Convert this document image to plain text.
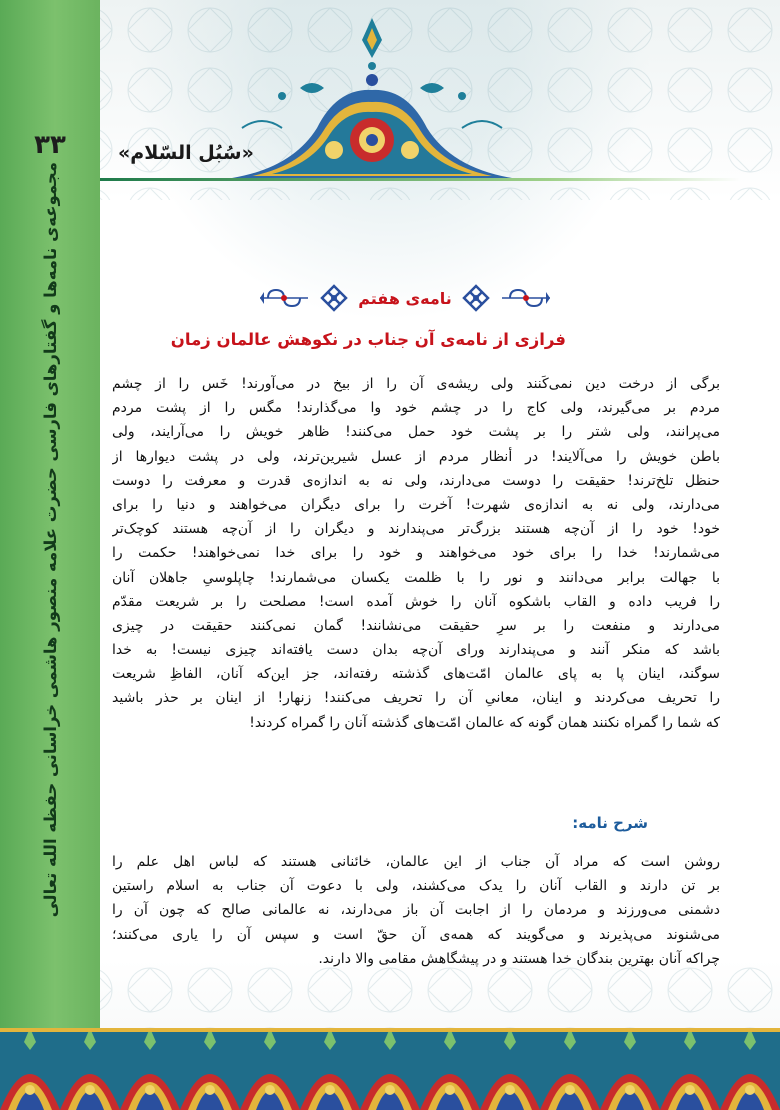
۳۳
مجموعه‌ی نامه‌ها و گفتارهای فارسی حضرت علامه منصور هاشمی خراسانی حفظه الله تعالی
«سُبُل السّلام»
نامه‌ی هفتم
فرازی از نامه‌ی آن جناب در نکوهش عالمان زمان
برگی از درخت دین نمی‌کَنند ولی ریشه‌ی آن را از بیخ در می‌آورند! خَس را از چشم
مردم بر می‌گیرند، ولی کاج را در چشم خود وا می‌گذارند! مگس را از پشت مردم
می‌پرانند، ولی شتر را بر پشت خود حمل می‌کنند! ظاهر خویش را می‌آرایند، ولی
باطن خویش را می‌آلایند! در أنظار مردم از عسل شیرین‌ترند، ولی در پشت دیوارها از
حنظل تلخ‌ترند! حقیقت را دوست می‌دارند، ولی نه به اندازه‌ی قدرت و معرفت را دوست
می‌دارند، ولی نه به اندازه‌ی شهرت! آخرت را برای دیگران می‌خواهند و دنیا را برای
خود! خود را از آن‌چه هستند بزرگ‌تر می‌پندارند و دیگران را از آن‌چه هستند کوچک‌تر
می‌شمارند! خدا را برای خود می‌خواهند و خود را برای خدا نمی‌خواهند! حکمت را
با جهالت برابر می‌دانند و نور را با ظلمت یکسان می‌شمارند! چاپلوسیِ جاهلان آنان
را فریب داده و القاب باشکوه آنان را خوش آمده است! مصلحت را بر شریعت مقدّم
می‌دارند و منفعت را بر سرِ حقیقت می‌نشانند! گمان نمی‌کنند حقیقت در چیزی
باشد که منکر آنند و می‌پندارند ورای آن‌چه بدان دست یافته‌اند چیزی نیست! به خدا
سوگند، اینان پا به پای عالمان امّت‌های گذشته رفته‌اند، جز این‌که آنان، الفاظِ شریعت
را تحریف می‌کردند و اینان، معانیِ آن را تحریف می‌کنند! زنهار! از اینان بر حذر باشید
که شما را گمراه نکنند همان گونه که عالمان امّت‌های گذشته آنان را گمراه کردند!
شرح نامه:
روشن است که مراد آن جناب از این عالمان، خائنانی هستند که لباس اهل علم را
بر تن دارند و القاب آنان را یدک می‌کشند، ولی با دعوت آن جناب به اسلام راستین
دشمنی می‌ورزند و مردمان را از اجابت آن باز می‌دارند، نه عالمانی صالح که چون آن را
می‌شنوند می‌پذیرند و می‌گویند که همه‌ی آن حقّ است و سپس آن را یاری می‌کنند؛
چراکه آنان بهترین بندگان خدا هستند و در پیشگاهش مقامی والا دارند.
